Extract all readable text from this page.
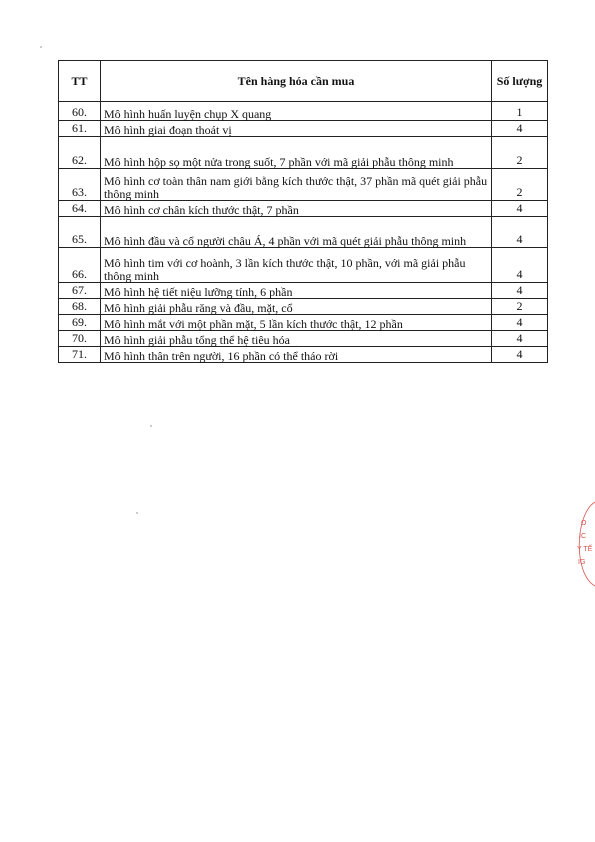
TT	Tên hàng hóa cần mua	Số lượng
60.	Mô hình huấn luyện chụp X quang	1
61.	Mô hình giai đoạn thoát vị	4
62.	Mô hình hộp sọ một nửa trong suốt, 7 phần với mã giải phẫu thông minh	2
63.	Mô hình cơ toàn thân nam giới bằng kích thước thật, 37 phần mã quét giải phẫu thông minh	2
64.	Mô hình cơ chân kích thước thật, 7 phần	4
65.	Mô hình đầu và cổ người châu Á, 4 phần với mã quét giải phẫu thông minh	4
66.	Mô hình tim với cơ hoành, 3 lần kích thước thật, 10 phần, với mã giải phẫu thông minh	4
67.	Mô hình hệ tiết niệu lưỡng tính, 6 phần	4
68.	Mô hình giải phẫu răng và đầu, mặt, cổ	2
69.	Mô hình mắt với một phần mặt, 5 lần kích thước thật, 12 phần	4
70.	Mô hình giải phẫu tổng thể hệ tiêu hóa	4
71.	Mô hình thân trên người, 16 phần có thể tháo rời	4
O
IC
Y TẾ
IG
